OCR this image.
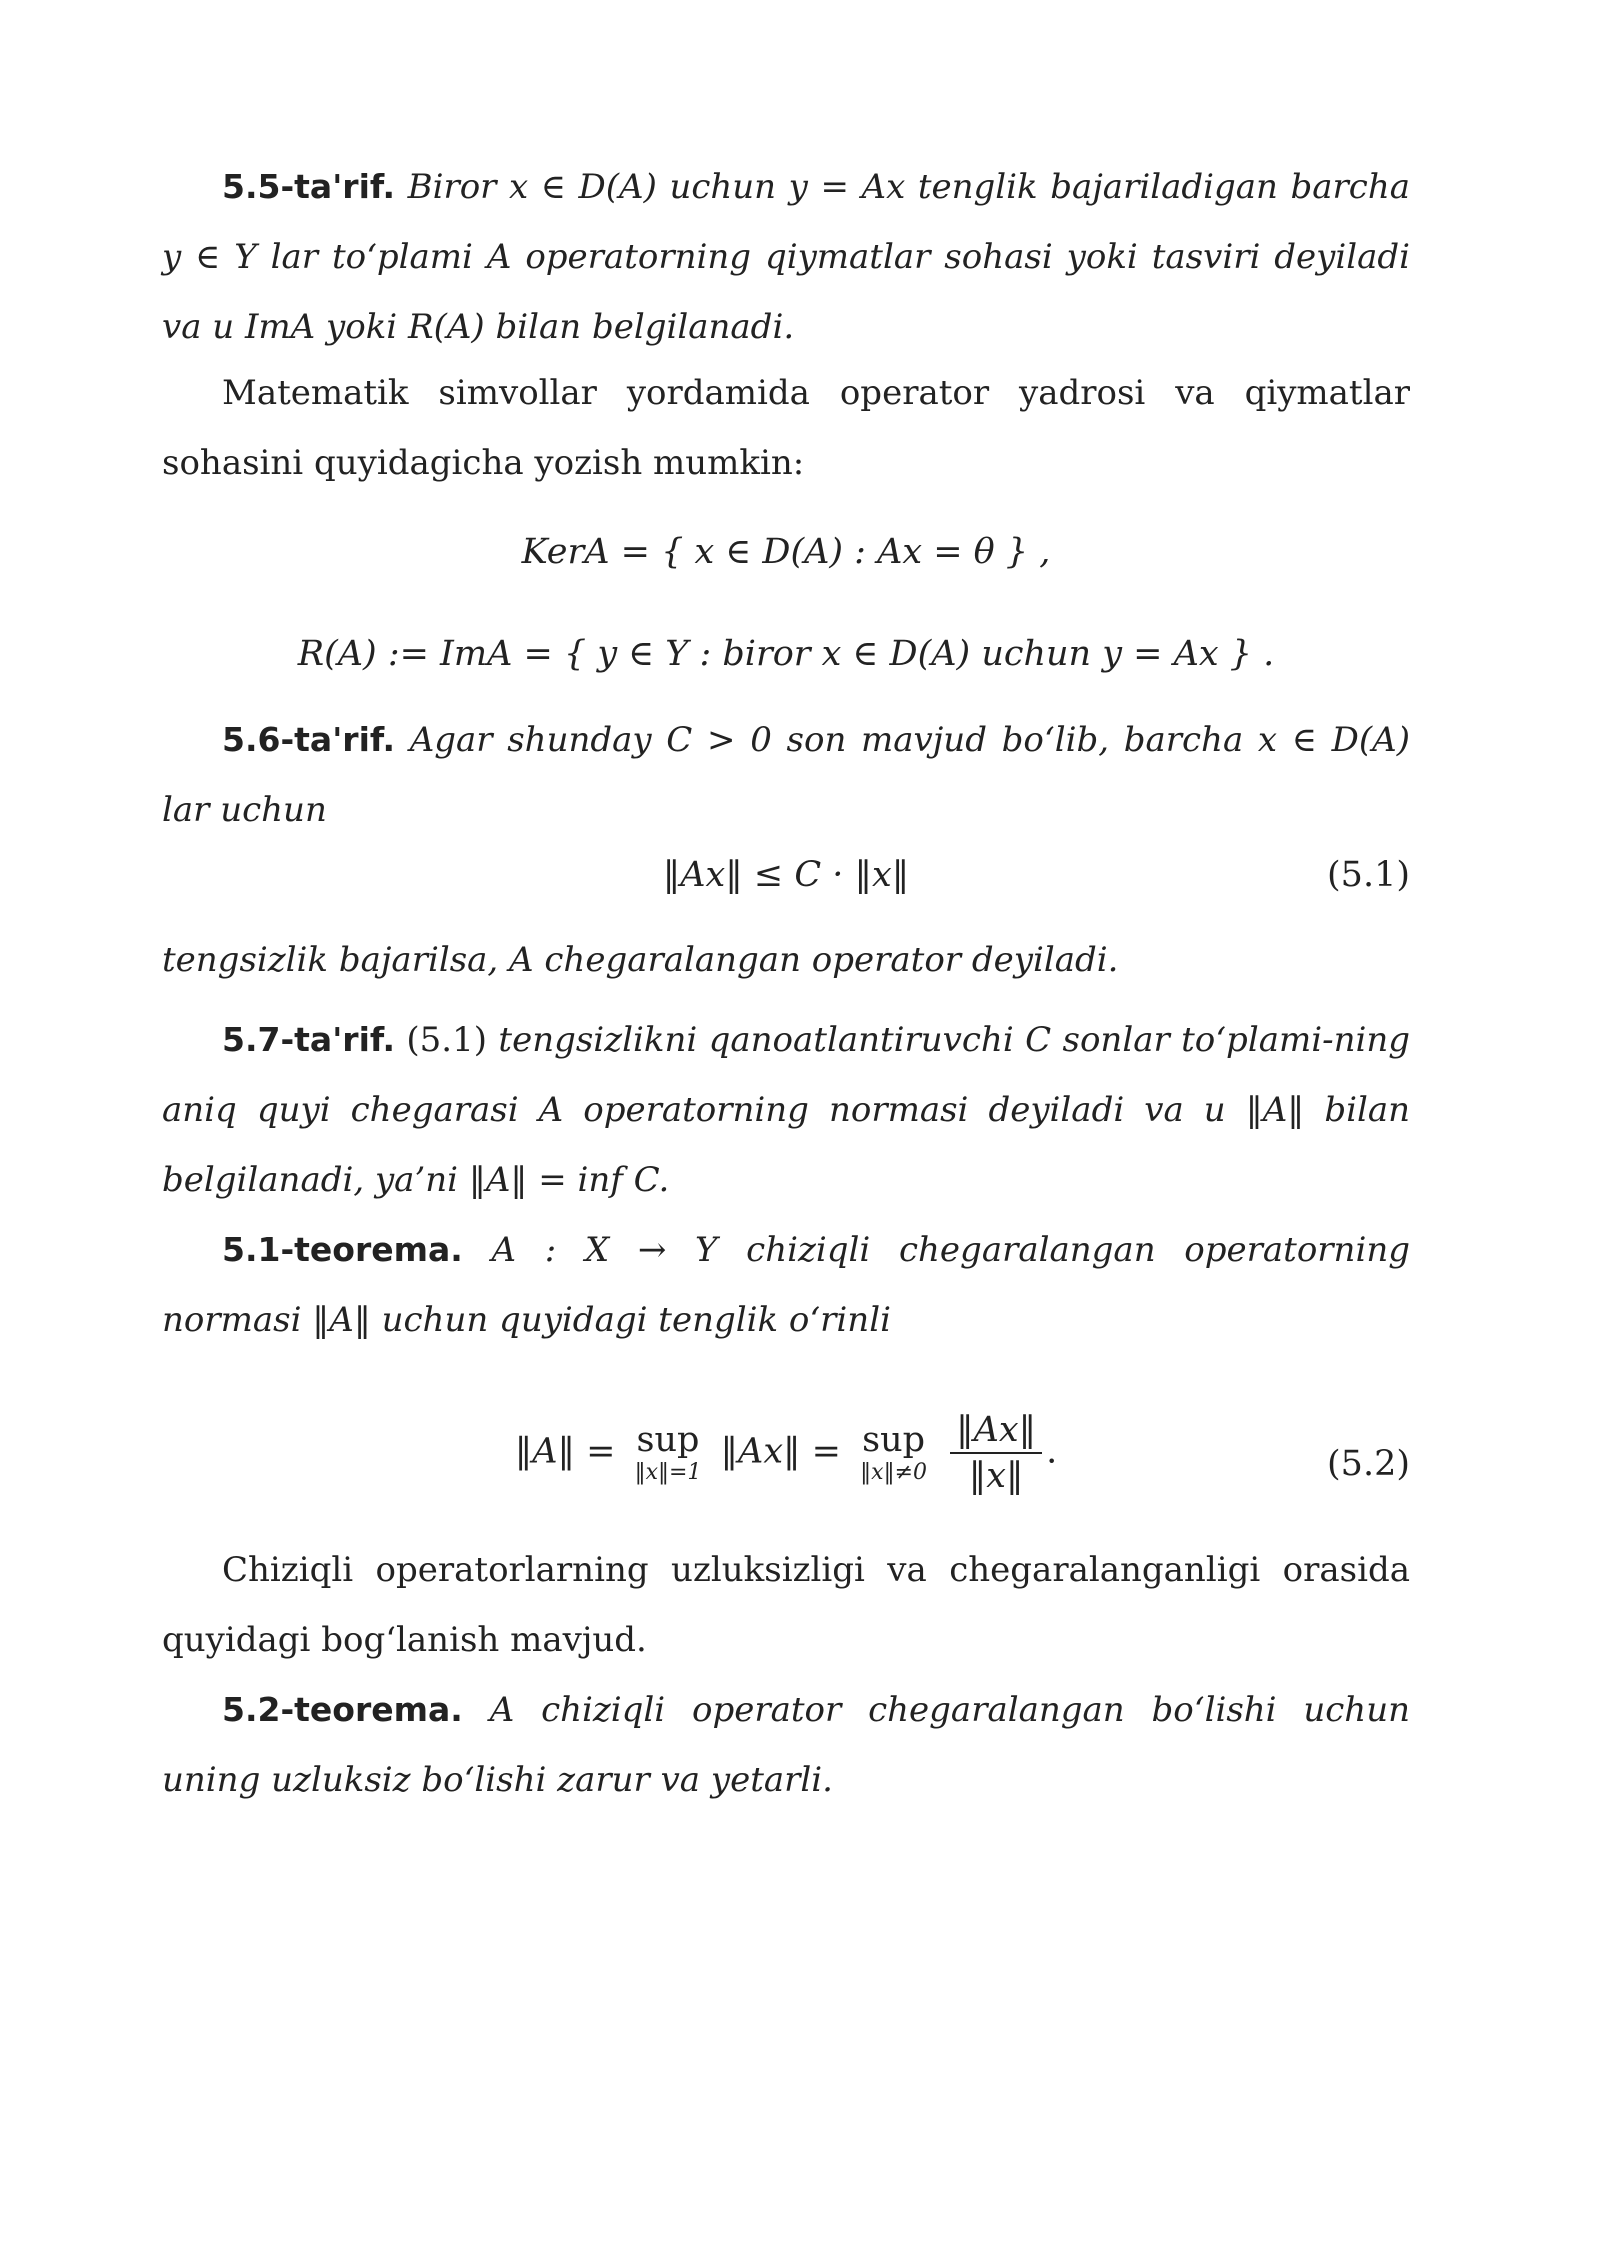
5.5-ta'rif. Biror x ∈ D(A) uchun y = Ax tenglik bajariladigan barcha y ∈ Y lar to‘plami A operatorning qiymatlar sohasi yoki tasviri deyiladi va u ImA yoki R(A) bilan belgilanadi.

Matematik simvollar yordamida operator yadrosi va qiymatlar sohasini quyidagicha yozish mumkin:

KerA = { x ∈ D(A) : Ax = θ } ,
R(A) := ImA = { y ∈ Y : biror x ∈ D(A) uchun y = Ax } .

5.6-ta'rif. Agar shunday C > 0 son mavjud bo‘lib, barcha x ∈ D(A) lar uchun

‖Ax‖ ≤ C · ‖x‖	(5.1)

tengsizlik bajarilsa, A chegaralangan operator deyiladi.

5.7-ta'rif. (5.1) tengsizlikni qanoatlantiruvchi C sonlar to‘plami-ning aniq quyi chegarasi A operatorning normasi deyiladi va u ‖A‖ bilan belgilanadi, ya’ni ‖A‖ = inf C.

5.1-teorema. A : X → Y chiziqli chegaralangan operatorning normasi ‖A‖ uchun quyidagi tenglik o‘rinli

‖A‖ = sup
‖x‖=1
‖Ax‖ = sup
‖x‖≠0
$\frac{‖Ax‖}{‖x‖}$ .	(5.2)

Chiziqli operatorlarning uzluksizligi va chegaralanganligi orasida quyidagi bog‘lanish mavjud.

5.2-teorema. A chiziqli operator chegaralangan bo‘lishi uchun uning uzluksiz bo‘lishi zarur va yetarli.
